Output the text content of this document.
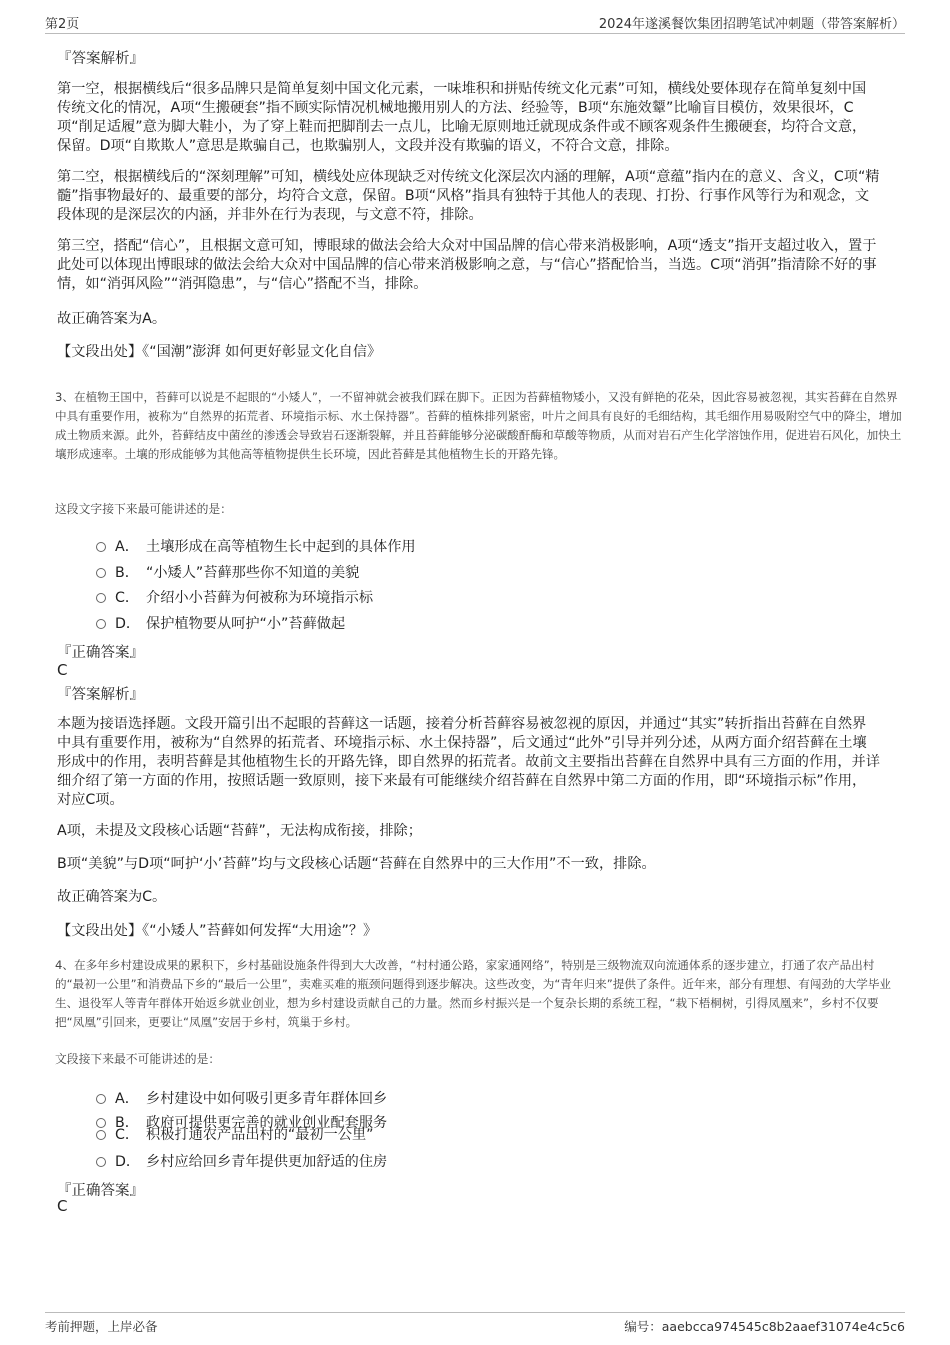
第2页	2024年遂溪餐饮集团招聘笔试冲刺题（带答案解析）
『答案解析』

第一空，根据横线后“很多品牌只是简单复刻中国文化元素，一味堆积和拼贴传统文化元素”可知，横线处要体现存在简单复刻中国传统文化的情况，A项“生搬硬套”指不顾实际情况机械地搬用别人的方法、经验等，B项“东施效颦”比喻盲目模仿，效果很坏，C项“削足适履”意为脚大鞋小，为了穿上鞋而把脚削去一点儿，比喻无原则地迁就现成条件或不顾客观条件生搬硬套，均符合文意，保留。D项“自欺欺人”意思是欺骗自己，也欺骗别人，文段并没有欺骗的语义，不符合文意，排除。

第二空，根据横线后的“深刻理解”可知，横线处应体现缺乏对传统文化深层次内涵的理解，A项“意蕴”指内在的意义、含义，C项“精髓”指事物最好的、最重要的部分，均符合文意，保留。B项“风格”指具有独特于其他人的表现、打扮、行事作风等行为和观念，文段体现的是深层次的内涵，并非外在行为表现，与文意不符，排除。

第三空，搭配“信心”，且根据文意可知，博眼球的做法会给大众对中国品牌的信心带来消极影响，A项“透支”指开支超过收入，置于此处可以体现出博眼球的做法会给大众对中国品牌的信心带来消极影响之意，与“信心”搭配恰当，当选。C项“消弭”指清除不好的事情，如“消弭风险”“消弭隐患”，与“信心”搭配不当，排除。

故正确答案为A。

【文段出处】《“国潮”澎湃 如何更好彰显文化自信》

3、在植物王国中，苔藓可以说是不起眼的“小矮人”，一不留神就会被我们踩在脚下。正因为苔藓植物矮小，又没有鲜艳的花朵，因此容易被忽视，其实苔藓在自然界中具有重要作用，被称为“自然界的拓荒者、环境指示标、水土保持器”。苔藓的植株排列紧密，叶片之间具有良好的毛细结构，其毛细作用易吸附空气中的降尘，增加成土物质来源。此外，苔藓结皮中菌丝的渗透会导致岩石逐渐裂解，并且苔藓能够分泌碳酸酐酶和草酸等物质，从而对岩石产生化学溶蚀作用，促进岩石风化，加快土壤形成速率。土壤的形成能够为其他高等植物提供生长环境，因此苔藓是其他植物生长的开路先锋。

这段文字接下来最可能讲述的是：
A． 土壤形成在高等植物生长中起到的具体作用
B． “小矮人”苔藓那些你不知道的美貌
C． 介绍小小苔藓为何被称为环境指示标
D． 保护植物要从呵护“小”苔藓做起
『正确答案』
C
『答案解析』

本题为接语选择题。文段开篇引出不起眼的苔藓这一话题，接着分析苔藓容易被忽视的原因，并通过“其实”转折指出苔藓在自然界中具有重要作用，被称为“自然界的拓荒者、环境指示标、水土保持器”，后文通过“此外”引导并列分述，从两方面介绍苔藓在土壤形成中的作用，表明苔藓是其他植物生长的开路先锋，即自然界的拓荒者。故前文主要指出苔藓在自然界中具有三方面的作用，并详细介绍了第一方面的作用，按照话题一致原则，接下来最有可能继续介绍苔藓在自然界中第二方面的作用，即“环境指示标”作用，对应C项。

A项，未提及文段核心话题“苔藓”，无法构成衔接，排除；

B项“美貌”与D项“呵护‘小’苔藓”均与文段核心话题“苔藓在自然界中的三大作用”不一致，排除。

故正确答案为C。

【文段出处】《“小矮人”苔藓如何发挥“大用途”？》

4、在多年乡村建设成果的累积下，乡村基础设施条件得到大大改善，“村村通公路，家家通网络”，特别是三级物流双向流通体系的逐步建立，打通了农产品出村的“最初一公里”和消费品下乡的“最后一公里”，卖难买难的瓶颈问题得到逐步解决。这些改变，为“青年归来”提供了条件。近年来，部分有理想、有闯劲的大学毕业生、退役军人等青年群体开始返乡就业创业，想为乡村建设贡献自己的力量。然而乡村振兴是一个复杂长期的系统工程，“栽下梧桐树，引得凤凰来”，乡村不仅要把“凤凰”引回来，更要让“凤凰”安居于乡村，筑巢于乡村。

文段接下来最不可能讲述的是：
A． 乡村建设中如何吸引更多青年群体回乡
B． 政府可提供更完善的就业创业配套服务
C． 积极打通农产品出村的“最初一公里”
D． 乡村应给回乡青年提供更加舒适的住房
『正确答案』
C
考前押题，上岸必备	编号：aaebcca974545c8b2aaef31074e4c5c6
